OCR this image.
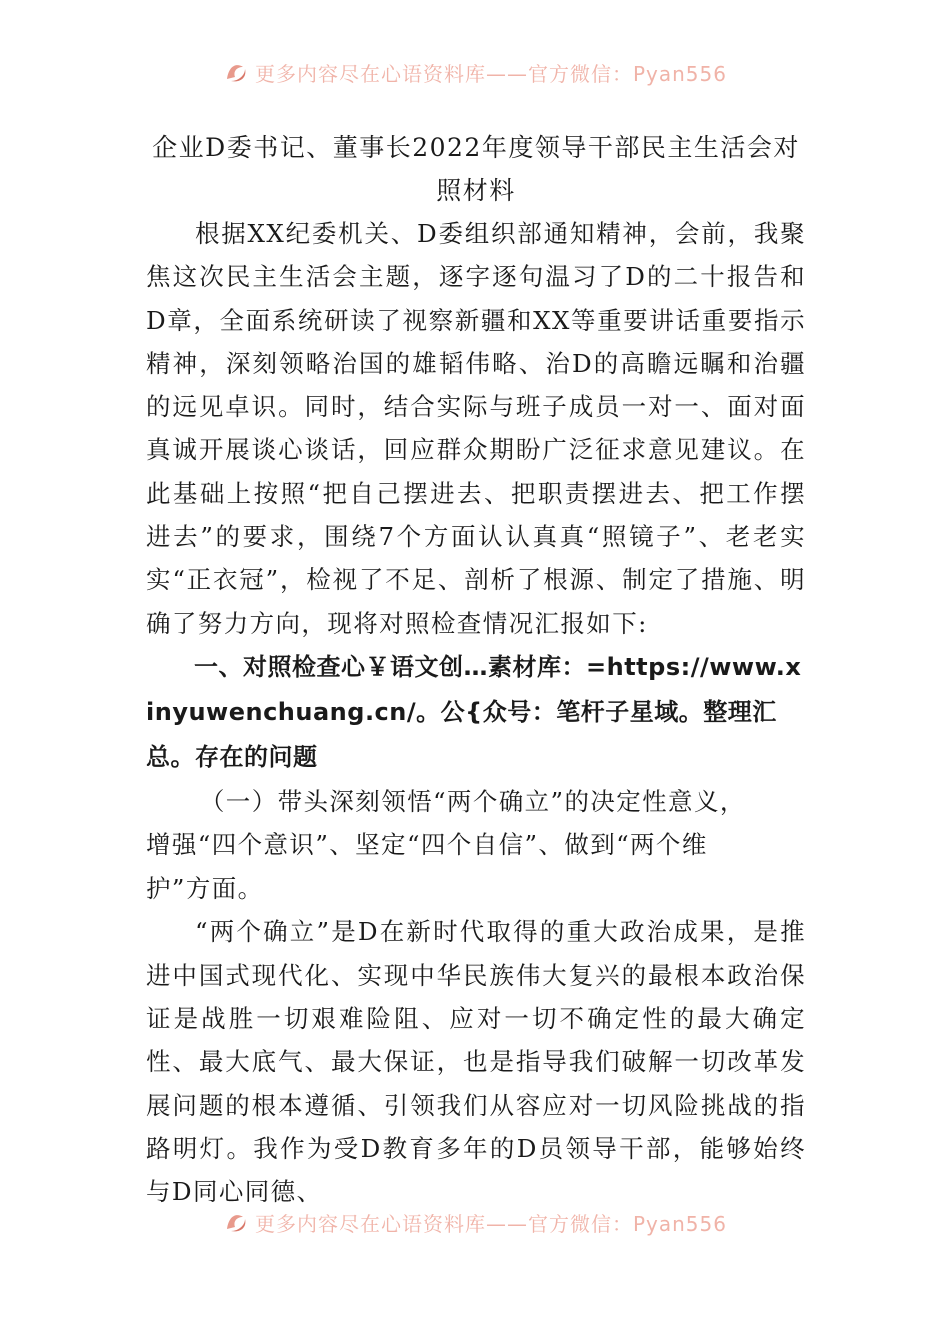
更多内容尽在心语资料库——官方微信：Pyan556
企业D委书记、董事长2022年度领导干部民主生活会对照材料

根据XX纪委机关、D委组织部通知精神，会前，我聚焦这次民主生活会主题，逐字逐句温习了D的二十报告和D章，全面系统研读了视察新疆和XX等重要讲话重要指示精神，深刻领略治国的雄韬伟略、治D的高瞻远瞩和治疆的远见卓识。同时，结合实际与班子成员一对一、面对面真诚开展谈心谈话，回应群众期盼广泛征求意见建议。在此基础上按照“把自己摆进去、把职责摆进去、把工作摆进去”的要求，围绕7个方面认认真真“照镜子”、老老实实“正衣冠”，检视了不足、剖析了根源、制定了措施、明确了努力方向，现将对照检查情况汇报如下:

一、对照检查心￥语文创…素材库：=https://www.xinyuwenchuang.cn/。公{众号：笔杆子星域。整理汇总。存在的问题

（一）带头深刻领悟“两个确立”的决定性意义，增强“四个意识”、坚定“四个自信”、做到“两个维护”方面。

“两个确立”是D在新时代取得的重大政治成果，是推进中国式现代化、实现中华民族伟大复兴的最根本政治保证是战胜一切艰难险阻、应对一切不确定性的最大确定性、最大底气、最大保证，也是指导我们破解一切改革发展问题的根本遵循、引领我们从容应对一切风险挑战的指路明灯。我作为受D教育多年的D员领导干部，能够始终与D同心同德、

更多内容尽在心语资料库——官方微信：Pyan556
